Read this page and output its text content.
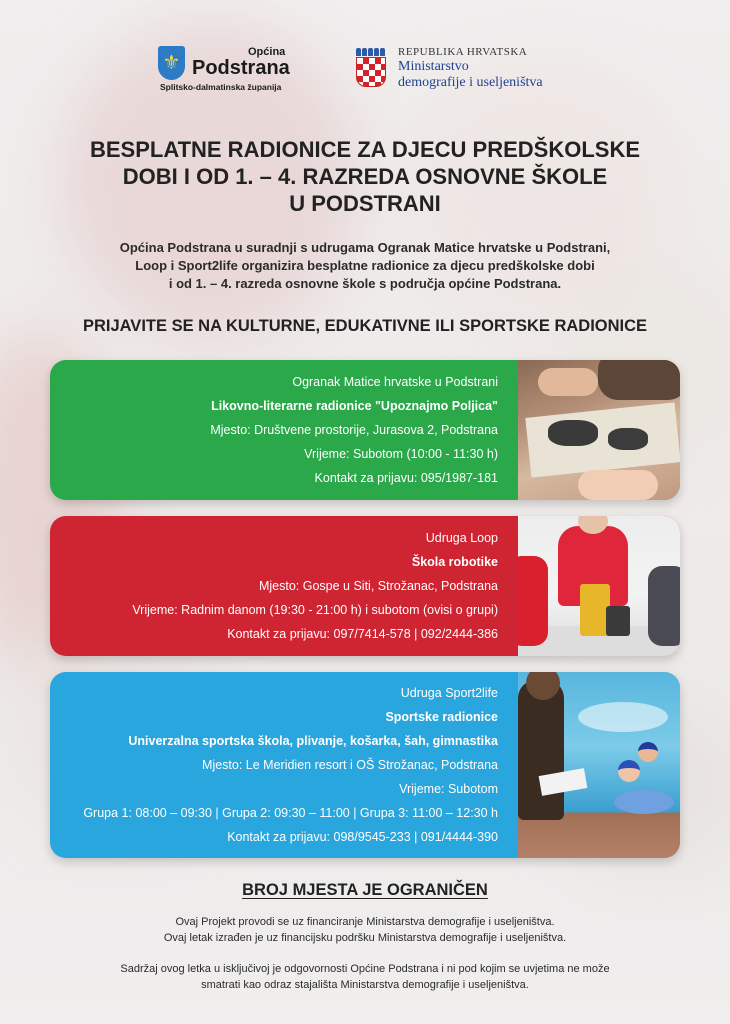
⚜	Općina
Podstrana
Splitsko-dalmatinska županija
REPUBLIKA HRVATSKA
Ministarstvo
demografije i useljeništva
BESPLATNE RADIONICE ZA DJECU PREDŠKOLSKE
DOBI I OD 1. – 4. RAZREDA OSNOVNE ŠKOLE
U PODSTRANI
Općina Podstrana u suradnji s udrugama Ogranak Matice hrvatske u Podstrani,
Loop i Sport2life organizira besplatne radionice za djecu predškolske dobi
i od 1. – 4. razreda osnovne škole s područja općine Podstrana.
PRIJAVITE SE NA KULTURNE, EDUKATIVNE ILI SPORTSKE RADIONICE
Ogranak Matice hrvatske u Podstrani
Likovno-literarne radionice "Upoznajmo Poljica"
Mjesto: Društvene prostorije, Jurasova 2, Podstrana
Vrijeme: Subotom (10:00 - 11:30 h)
Kontakt za prijavu: 095/1987-181
Udruga Loop
Škola robotike
Mjesto: Gospe u Siti, Strožanac, Podstrana
Vrijeme: Radnim danom (19:30 - 21:00 h) i subotom (ovisi o grupi)
Kontakt za prijavu: 097/7414-578 | 092/2444-386
Udruga Sport2life
Sportske radionice
Univerzalna sportska škola, plivanje, košarka, šah, gimnastika
Mjesto: Le Meridien resort i OŠ Strožanac, Podstrana
Vrijeme: Subotom
Grupa 1: 08:00 – 09:30 | Grupa 2: 09:30 – 11:00 | Grupa 3: 11:00 – 12:30 h
Kontakt za prijavu: 098/9545-233 | 091/4444-390
BROJ MJESTA JE OGRANIČEN
Ovaj Projekt provodi se uz financiranje Ministarstva demografije i useljeništva.
Ovaj letak izrađen je uz financijsku podršku Ministarstva demografije i useljeništva.
Sadržaj ovog letka u isključivoj je odgovornosti Općine Podstrana i ni pod kojim se uvjetima ne može
smatrati kao odraz stajališta Ministarstva demografije i useljeništva.
